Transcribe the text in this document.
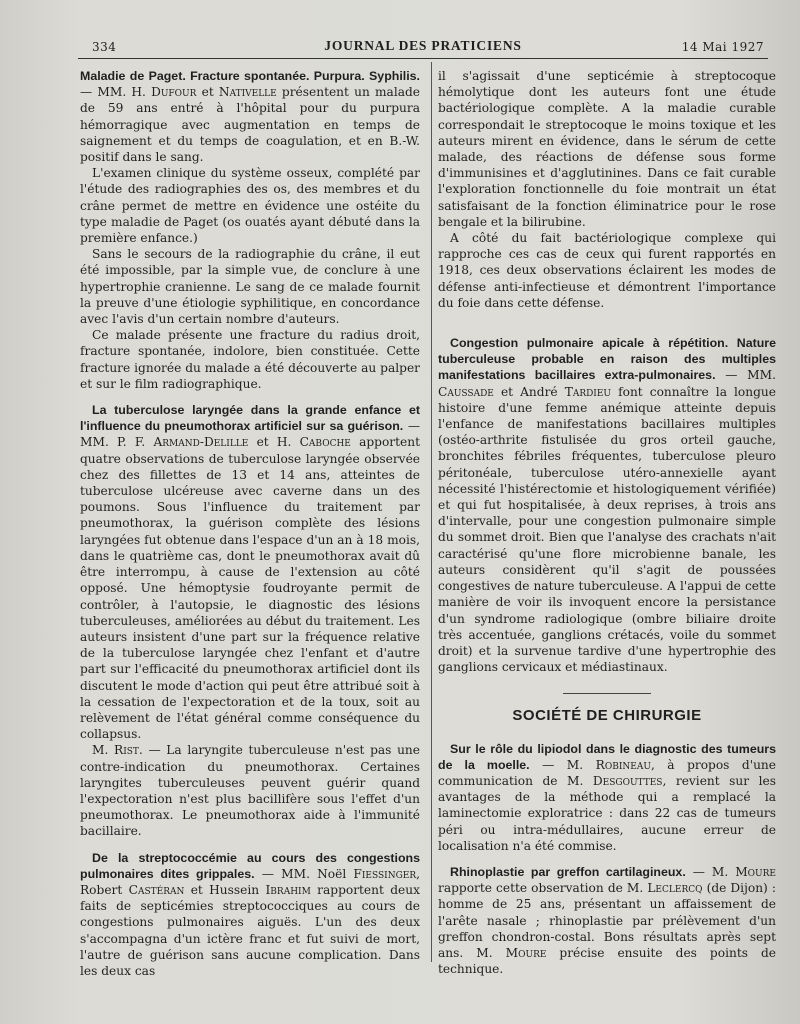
334	JOURNAL DES PRATICIENS	14 Mai 1927

Maladie de Paget. Fracture spontanée. Purpura. Syphilis. — MM. H. Dufour et Nativelle présentent un malade de 59 ans entré à l'hôpital pour du purpura hémorragique avec augmentation en temps de saignement et du temps de coagulation, et en B.-W. positif dans le sang.

L'examen clinique du système osseux, complété par l'étude des radiographies des os, des membres et du crâne permet de mettre en évidence une ostéite du type maladie de Paget (os ouatés ayant débuté dans la première enfance.)

Sans le secours de la radiographie du crâne, il eut été impossible, par la simple vue, de conclure à une hypertrophie cranienne. Le sang de ce malade fournit la preuve d'une étiologie syphilitique, en concordance avec l'avis d'un certain nombre d'auteurs.

Ce malade présente une fracture du radius droit, fracture spontanée, indolore, bien constituée. Cette fracture ignorée du malade a été découverte au palper et sur le film radiographique.

La tuberculose laryngée dans la grande enfance et l'influence du pneumothorax artificiel sur sa guérison. — MM. P. F. Armand-Delille et H. Caboche apportent quatre observations de tuberculose laryngée observée chez des fillettes de 13 et 14 ans, atteintes de tuberculose ulcéreuse avec caverne dans un des poumons. Sous l'influence du traitement par pneumothorax, la guérison complète des lésions laryngées fut obtenue dans l'espace d'un an à 18 mois, dans le quatrième cas, dont le pneumothorax avait dû être interrompu, à cause de l'extension au côté opposé. Une hémoptysie foudroyante permit de contrôler, à l'autopsie, le diagnostic des lésions tuberculeuses, améliorées au début du traitement. Les auteurs insistent d'une part sur la fréquence relative de la tuberculose laryngée chez l'enfant et d'autre part sur l'efficacité du pneumothorax artificiel dont ils discutent le mode d'action qui peut être attribué soit à la cessation de l'expectoration et de la toux, soit au relèvement de l'état général comme conséquence du collapsus.

M. Rist. — La laryngite tuberculeuse n'est pas une contre-indication du pneumothorax. Certaines laryngites tuberculeuses peuvent guérir quand l'expectoration n'est plus bacillifère sous l'effet d'un pneumothorax. Le pneumothorax aide à l'immunité bacillaire.

De la streptococcémie au cours des congestions pulmonaires dites grippales. — MM. Noël Fiessinger, Robert Castéran et Hussein Ibrahim rapportent deux faits de septicémies streptococciques au cours de congestions pulmonaires aiguës. L'un des deux s'accompagna d'un ictère franc et fut suivi de mort, l'autre de guérison sans aucune complication. Dans les deux cas

il s'agissait d'une septicémie à streptocoque hémolytique dont les auteurs font une étude bactériologique complète. A la maladie curable correspondait le streptocoque le moins toxique et les auteurs mirent en évidence, dans le sérum de cette malade, des réactions de défense sous forme d'immunisines et d'agglutinines. Dans ce fait curable l'exploration fonctionnelle du foie montrait un état satisfaisant de la fonction éliminatrice pour le rose bengale et la bilirubine.

A côté du fait bactériologique complexe qui rapproche ces cas de ceux qui furent rapportés en 1918, ces deux observations éclairent les modes de défense anti-infectieuse et démontrent l'importance du foie dans cette défense.

Congestion pulmonaire apicale à répétition. Nature tuberculeuse probable en raison des multiples manifestations bacillaires extra-pulmonaires. — MM. Caussade et André Tardieu font connaître la longue histoire d'une femme anémique atteinte depuis l'enfance de manifestations bacillaires multiples (ostéo-arthrite fistulisée du gros orteil gauche, bronchites fébriles fréquentes, tuberculose pleuro péritonéale, tuberculose utéro-annexielle ayant nécessité l'histérectomie et histologiquement vérifiée) et qui fut hospitalisée, à deux reprises, à trois ans d'intervalle, pour une congestion pulmonaire simple du sommet droit. Bien que l'analyse des crachats n'ait caractérisé qu'une flore microbienne banale, les auteurs considèrent qu'il s'agit de poussées congestives de nature tuberculeuse. A l'appui de cette manière de voir ils invoquent encore la persistance d'un syndrome radiologique (ombre biliaire droite très accentuée, ganglions crétacés, voile du sommet droit) et la survenue tardive d'une hypertrophie des ganglions cervicaux et médiastinaux.

SOCIÉTÉ DE CHIRURGIE

Sur le rôle du lipiodol dans le diagnostic des tumeurs de la moelle. — M. Robineau, à propos d'une communication de M. Desgouttes, revient sur les avantages de la méthode qui a remplacé la laminectomie exploratrice : dans 22 cas de tumeurs péri ou intra-médullaires, aucune erreur de localisation n'a été commise.

Rhinoplastie par greffon cartilagineux. — M. Moure rapporte cette observation de M. Leclercq (de Dijon) : homme de 25 ans, présentant un affaissement de l'arête nasale ; rhinoplastie par prélèvement d'un greffon chondron-costal. Bons résultats après sept ans. M. Moure précise ensuite des points de technique.
